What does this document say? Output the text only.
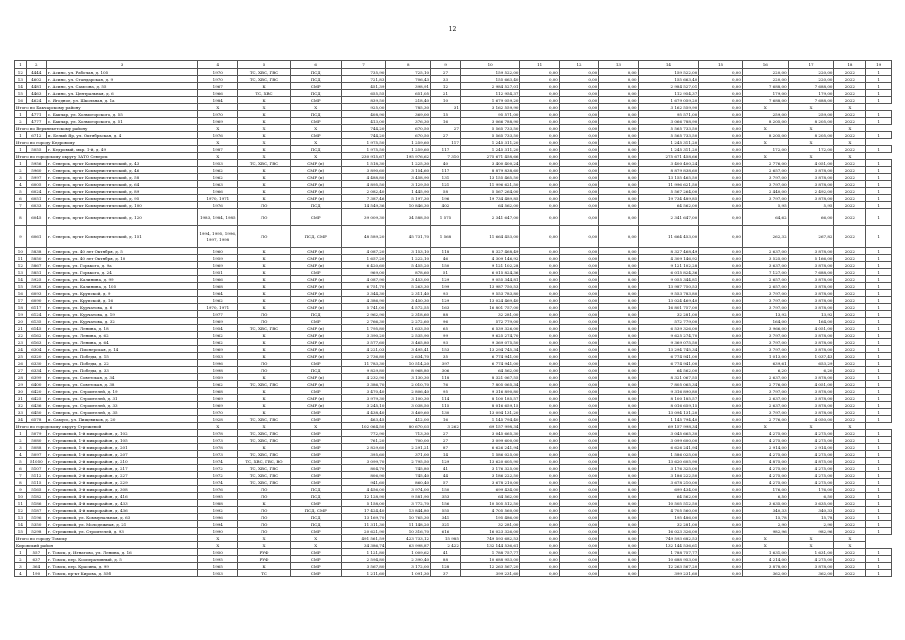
12
1	2	3	4	5	6	7	8	9	10	11	12	13	14	15	16	17	18	19
12	4444	г. Асино, ул. Рабочая, д. 105	1970	ТС, ХВС, ГВС	ПСД	735,90	725,10	27	159 522,00	0,00	0,00	0,00	159 522,00	0,00	220,00	220,00	2022	1
13	4602	г. Асино, ул. Стандарская, д. 9	1970	ТС, ХВС, ГВС	ПСД	721,83	706,43	33	155 663,40	0,00	0,00	0,00	155 663,40	0,00	220,00	220,00	2022	1
14	4481	г. Асино, ул. Самсона, д. 55	1967	К	СМР	451,39	398,91	12	2 984 527,01	0,00	0,00	0,00	2 984 527,01	0,00	7 688,00	7 688,00	2022	1
15	4463	г. Асино, ул. Центральная, д. 6	1966	ТС, ХВС	ПСД	655,55	651,05	21	112 954,37	0,00	0,00	0,00	112 954,37	0,00	179,00	179,00	2022	1
16	4624	с. Ягодное, ул. Школьная, д. 1а	1984	К	СМР	839,50	218,40	10	1 679 059,20	0,00	0,00	0,00	1 679 059,20	0,00	7 688,00	7 688,00	2022	1
Итого по Бакчарскому району			X	X	X	925,00	785,30	31	3 162 559,90	0,00	0,00	0,00	3 162 559,90	0,00	X	X	X	
1	4771	с. Бакчар, ул. Холмогорского, д. 55	1970	К	ПСД	408,90	369,00	15	95 571,00	0,00	0,00	0,00	95 571,00	0,00	259,00	259,00	2022	1
2	4777	с. Бакчар, ул. Холмогорского, д. 51	1969	К	СМР	413,00	376,30	16	3 066 788,90	0,00	0,00	0,00	3 066 788,90	0,00	8 205,00	8 205,00	2022	1
Итого по Верхнекетскому району			X	X	X	744,20	670,50	27	5 565 733,50	0,00	0,00	0,00	5 565 733,50	0,00	X	X	X	
1	6712	п. Белый Яр, ул. Октябрьская, д. 4	1976	К	СМР	744,20	670,50	27	5 565 733,50	0,00	0,00	0,00	5 565 733,50	0,00	8 205,00	8 205,00	2022	1
Итого по городу Кедровому			X	X	X	1 975,50	1 259,60	117	1 245 311,20	0,00	0,00	0,00	1 245 311,20	0,00	X	X	X	
1	5055	г. Кедровый, мкр. 1-й, д. 49	1987	К	ПСД	1 975,50	1 259,60	117	1 245 311,20	0,00	0,00	0,00	1 245 311,20	0,00	172,00	172,00	2022	1
Итого по городскому округу ЗАТО Северск			X	X	X	230 915,67	195 976,62	7 310	275 671 458,66	0,00	0,00	0,00	275 671 458,66	0,00	X	X	X	
1	5956	г. Северск, пр-кт Коммунистический, д. 43	1953	ТС, ХВС, ГВС	СМР (п)	1 518,30	1 225,30	40	3 400 400,24	0,00	0,00	0,00	3 400 400,24	0,00	2 776,00	4 051,00	2022	1
2	5960	г. Северск, пр-кт Коммунистический, д. 46	1962	К	СМР (п)	3 890,60	3 154,60	117	8 879 838,60	0,00	0,00	0,00	8 879 838,60	0,00	2 657,00	3 878,00	2022	1
3	5997	г. Северск, пр-кт Коммунистический, д. 58	1962	К	СМР (п)	4 488,80	3 458,90	131	13 155 465,50	0,00	0,00	0,00	13 155 465,50	0,00	3 797,00	3 878,00	2022	1
4	6005	г. Северск, пр-кт Коммунистический, д. 64	1963	К	СМР (п)	4 895,50	3 129,50	121	11 996 621,50	0,00	0,00	0,00	11 996 621,50	0,00	3 797,00	3 878,00	2022	1
5	6024	г. Северск, пр-кт Коммунистический, д. 89	1966	К	СМР (п)	2 082,40	1 445,90	58	5 567 264,00	0,00	0,00	0,00	5 567 264,00	0,00	2 440,00	2 492,00	2022	1
6	6051	г. Северск, пр-кт Коммунистический, д. 95	1970, 1971	К	СМР (п)	7 387,46	5 197,30	196	19 734 489,85	0,00	0,00	0,00	19 734 489,85	0,00	3 797,00	3 878,00	2022	1
7	6033	г. Северск, пр-кт Коммунистический, д. 100	1976	ЛО	ПСД	14 549,36	10 846,30	402	64 562,00	0,00	0,00	0,00	64 562,00	0,00	5,95	5,95	2022	1
8	6045	г. Северск, пр-кт Коммунистический, д. 120	1983, 1984, 1985	ЛО	СМР	39 009,30	34 588,50	1 575	2 341 647,00	0,00	0,00	0,00	2 341 647,00	0,00	64,62	66,00	2022	1
9	6061	г. Северск, пр-кт Коммунистический, д. 151	1994, 1995, 1996, 1997, 1998	ЛО	ПСД, СМР	48 589,20	45 731,70	1 568	11 664 453,00	0,00	0,00	0,00	11 664 453,00	0,00	262,32	267,82	2022	1
10	5838	г. Северск, ул. 40 лет Октября, д. 5	1960	К	СМР (п)	4 087,20	3 153,10	118	8 327 468,49	0,00	0,00	0,00	8 327 468,49	0,00	2 637,00	3 878,00	2022	1
11	5850	г. Северск, ул. 40 лет Октября, д. 10	1959	К	СМР (п)	1 657,20	1 222,10	46	4 309 146,92	0,00	0,00	0,00	4 309 146,92	0,00	3 525,00	5 166,00	2022	1
12	5867	г. Северск, ул. Горького, д. 9а	1969	К	СМР (п)	6 420,60	5 455,20	150	9 121 102,28	0,00	0,00	0,00	9 121 102,28	0,00	3 637,00	3 878,00	2022	1
13	5851	г. Северск, ул. Горького, д. 24	1951	К	СМР	969,00	878,60	51	6 015 824,36	0,00	0,00	0,00	6 015 824,36	0,00	7 127,00	7 688,00	2022	1
14	5925	г. Северск, ул. Калинина, д. 99	1966	К	СМР (п)	4 087,90	3 453,00	129	9 055 344,81	0,00	0,00	0,00	9 055 344,81	0,00	2 657,00	3 878,00	2022	1
15	5928	г. Северск, ул. Калинина, д. 105	1968	К	СМР (п)	6 751,70	5 263,30	199	13 987 750,53	0,00	0,00	0,00	13 987 750,53	0,00	2 657,00	3 878,00	2022	1
16	6093	г. Северск, ул. Крупской, д. 9	1964	К	СМР (п)	3 344,30	2 311,40	93	9 553 783,80	0,00	0,00	0,00	9 553 783,80	0,00	3 797,00	3 878,00	2022	1
17	6090	г. Северск, ул. Крупской, д. 16	1962	К	СМР (п)	4 386,90	3 450,30	129	13 024 469,40	0,00	0,00	0,00	13 024 469,40	0,00	3 797,00	3 878,00	2022	1
18	6117	г. Северск, ул. Курчатова, д. 6	1970, 1971	К	СМР (п)	5 741,00	4 572,55	163	16 801 757,00	0,00	0,00	0,00	16 801 757,00	0,00	3 797,00	3 878,00	2022	1
19	6124	г. Северск, ул. Курчатова, д. 19	1977	ЛО	ПСД	2 962,90	2 318,60	88	32 281,00	0,00	0,00	0,00	32 281,00	0,00	13,92	13,92	2022	1
20	6135	г. Северск, ул. Курчатова, д. 32	1969	ЛО	СМР	2 766,30	2 272,60	96	572 779,00	0,00	0,00	0,00	572 779,00	0,00	164,00	164,00	2022	1
21	6145	г. Северск, ул. Ленина, д. 18	1954	ТС, ХВС, ГВС	СМР (п)	1 795,80	1 633,50	65	6 539 326,00	0,00	0,00	0,00	6 539 326,00	0,00	3 966,00	4 051,00	2022	1
22	6162	г. Северск, ул. Ленина, д. 62	1962	К	СМР (п)	3 390,20	2 535,90	99	9 625 274,70	0,00	0,00	0,00	9 625 274,70	0,00	3 797,00	3 878,00	2022	1
23	6163	г. Северск, ул. Ленина, д. 64	1962	К	СМР (п)	3 577,60	3 465,80	93	9 369 075,50	0,00	0,00	0,00	9 369 075,50	0,00	3 797,00	3 878,00	2022	1
24	6304	г. Северск, ул. Пионерская, д. 14	1969	К	СМР (п)	4 221,03	3 495,41	153	13 294 745,34	0,00	0,00	0,00	13 294 745,34	0,00	3 797,00	3 878,00	2022	1
25	6320	г. Северск, ул. Победы, д. 15	1953	К	СМР (п)	2 736,80	2 634,70	35	6 774 941,00	0,00	0,00	0,00	6 774 941,00	0,00	1 013,00	1 037,43	2022	1
26	6330	г. Северск, ул. Победы, д. 22	1996	ЛО	СМР	11 783,30	10 514,20	397	6 774 941,00	0,00	0,00	0,00	6 774 941,00	0,00	639,61	653,29	2022	1
27	6334	г. Северск, ул. Победы, д. 33	1998	ЛО	ПСД	9 829,80	8 968,80	306	64 562,00	0,00	0,00	0,00	64 562,00	0,00	6,20	6,20	2022	1
28	6399	г. Северск, ул. Советская, д. 34	1959	К	СМР (п)	4 232,90	3 130,30	118	8 321 067,55	0,00	0,00	0,00	8 321 067,55	0,00	2 637,00	3 878,00	2022	1
29	6400	г. Северск, ул. Советская, д. 38	1962	ТС, ХВС, ГВС	СМР (п)	3 386,70	2 010,70	76	7 805 065,34	0,00	0,00	0,00	7 805 065,34	0,00	2 776,00	4 051,00	2022	1
30	6420	г. Северск, ул. Строителей, д. 19	1968	К	СМР	3 470,40	2 806,40	95	9 316 890,80	0,00	0,00	0,00	9 316 890,80	0,00	3 797,00	3 878,00	2022	1
31	6425	г. Северск, ул. Строителей, д. 31	1969	К	СМР (п)	3 979,30	3 100,30	114	8 100 185,57	0,00	0,00	0,00	8 100 185,57	0,00	2 637,00	3 878,00	2022	1
32	6436	г. Северск, ул. Строителей, д. 33	1969	К	СМР (п)	3 245,10	3 038,50	115	8 016 659,15	0,00	0,00	0,00	8 016 659,15	0,00	2 637,00	3 878,00	2022	1
33	6450	г. Северск, ул. Строителей, д. 35	1970	К	СМР	4 438,40	3 469,60	130	13 094 131,20	0,00	0,00	0,00	13 094 131,20	0,00	3 797,00	3 878,00	2022	1
34	6578	п. Самусь, ул. Пищевиков, д. 20	1928	ТС, ХВС, ГВС	СМР	463,45	412,00	16	1 145 794,40	0,00	0,00	0,00	1 145 794,40	0,00	2 776,00	4 050,00	2022	1
Итого по городскому округу Стрежевой			X	X	X	102 064,50	80 670,03	3 262	69 157 998,34	0,00	0,00	0,00	69 157 998,34	0,00	X	X	X	
1	5079	г. Стрежевой, 1-й микрорайон, д. 102	1978	ТС, ХВС, ГВС	СМР	772,90	713,30	27	3 045 665,30	0,00	0,00	0,00	3 045 665,30	0,00	4 275,00	4 275,00	2022	1
2	5080	г. Стрежевой, 1-й микрорайон, д. 105	1973	ТС, ХВС, ГВС	СМР	761,20	700,00	27	3 099 600,00	0,00	0,00	0,00	3 099 600,00	0,00	4 275,00	4 275,00	2022	1
3	5088	г. Стрежевой, 1-й микрорайон, д. 201	1978	К	СМР	2 829,60	2 291,21	87	6 626 241,94	0,00	0,00	0,00	6 626 241,94	0,00	2 914,00	2 914,00	2022	1
4	5097	г. Стрежевой, 1-й микрорайон, д. 207	1973	ТС, ХВС, ГВС	СМР	395,60	371,00	14	1 586 025,00	0,00	0,00	0,00	1 586 025,00	0,00	4 275,00	4 275,00	2022	1
5	51050	г. Стрежевой, 2-й микрорайон, д. 210	1974	ТС, ХВС, ГВС, ВО	СМР	3 099,70	2 795,50	129	13 620 605,90	0,00	0,00	0,00	13 620 605,90	0,00	4 875,00	4 875,00	2022	1
6	5107	г. Стрежевой, 2-й микрорайон, д. 217	1972	ТС, ХВС, ГВС	СМР	804,70	745,80	41	3 176 325,00	0,00	0,00	0,00	3 176 325,00	0,00	4 275,00	4 275,00	2022	1
7	5112	г. Стрежевой, 2-й микрорайон, д. 227	1972	ТС, ХВС, ГВС	СМР	806,90	745,40	44	3 186 222,50	0,00	0,00	0,00	3 186 222,50	0,00	4 275,00	4 275,00	2022	1
8	5115	г. Стрежевой, 2-й микрорайон, д. 229	1974	ТС, ХВС, ГВС	СМР	941,60	860,40	57	3 678 210,00	0,00	0,00	0,00	3 678 210,00	0,00	4 275,00	4 275,00	2022	1
9	5165	г. Стрежевой, 3-й микрорайон, д. 308	1976	ЛО	ПСД	4 456,00	3 974,00	150	699 434,00	0,00	0,00	0,00	699 434,00	0,00	176,00	176,00	2022	1
10	5182	г. Стрежевой, 4-й микрорайон, д. 416	1995	ЛО	ПСД	12 128,90	9 581,90	353	64 562,00	0,00	0,00	0,00	64 562,00	0,00	6,50	6,50	2022	1
11	5186	г. Стрежевой, 4-й микрорайон, д. 433	1988	К	СМР	5 158,00	3 772,70	156	10 505 512,50	0,00	0,00	0,00	10 505 512,50	0,00	3 635,00	3 635,00	2022	1
12	5187	г. Стрежевой, 4-й микрорайон, д. 436	1992	ЛО	ПСД, СМР	17 424,40	13 844,80	555	4 705 560,00	0,00	0,00	0,00	4 705 560,00	0,00	340,33	340,33	2022	1
13	5196	г. Стрежевой, ул. Коммунальная, д. 63	1996	ЛО	ПСД	13 169,70	10 765,30	341	195 486,00	0,00	0,00	0,00	195 486,00	0,00	15,78	15,78	2022	1
14	5350	г. Стрежевой, ул. Молодежная, д. 21	1994	ЛО	ПСД	11 311,30	11 148,20	321	32 281,00	0,00	0,00	0,00	32 281,00	0,00	2,90	2,90	2022	1
15	5298	г. Стрежевой, ул. Строителей, д. 93	1990	ЛО	СМР	20 621,90	10 316,70	616	16 023 326,00	0,00	0,00	0,00	16 023 326,00	0,00	982,96	982,96	2022	1
Итого по городу Томску			X	X	X	491 561,59	423 733,12	15 985	749 593 682,53	0,00	0,00	0,00	749 593 682,53	0,00	X	X	X	
Кировский район			X	X	X	34 386,74	63 998,87	2 422	132 144 536,61	0,00	0,00	0,00	132 144 536,61	0,00	X	X	X	
1	557	г. Томск, д. Игнатово, ул. Ленина, д. 16	1950	РУФ	СМР	1 121,80	1 009,62	41	1 788 757,77	0,00	0,00	0,00	1 788 757,77	0,00	1 631,00	1 631,00	2022	1
2	637	г. Томск, пер. Кооперативный, д. 5	1995	РУФ	СМР	2 594,80	2 390,40	88	10 688 953,00	0,00	0,00	0,00	10 688 953,00	0,00	4 214,00	4 275,00	2022	1
3	364	г. Томск, пер. Красина, д. 99	1965	К	СМР	3 567,80	3 172,00	128	12 263 567,20	0,00	0,00	0,00	12 263 567,20	0,00	3 878,00	3 878,00	2022	1
4	190	г. Томск, пр-кт Кирова, д. 55б	1953	ТС	СМР	1 211,60	1 091,30	37	399 231,60	0,00	0,00	0,00	399 231,60	0,00	362,00	362,00	2022	1
